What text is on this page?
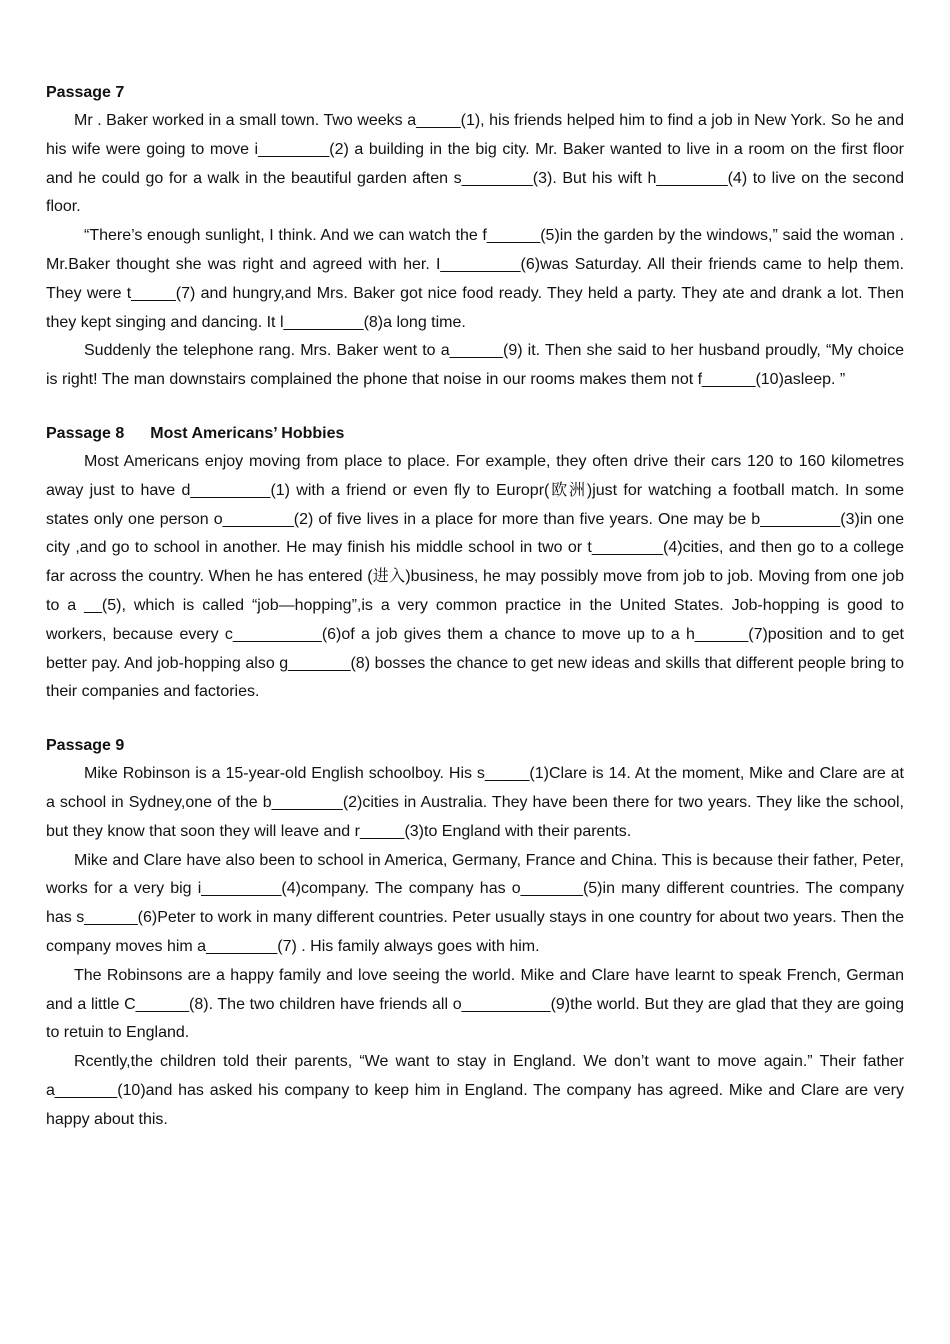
Passage 7

Mr . Baker worked in a small town. Two weeks a_____(1), his friends helped him to find a job in New York. So he and his wife were going to move i________(2) a building in the big city. Mr. Baker wanted to live in a room on the first floor and he could go for a walk in the beautiful garden aften s________(3). But his wift h________(4) to live on the second floor.

“There’s enough sunlight, I think. And we can watch the f______(5)in the garden by the windows,” said the woman . Mr.Baker thought she was right and agreed with her. I_________(6)was Saturday. All their friends came to help them. They were t_____(7) and hungry,and Mrs. Baker got nice food ready. They held a party. They ate and drank a lot. Then they kept singing and dancing. It l_________(8)a long time.

Suddenly the telephone rang. Mrs. Baker went to a______(9) it. Then she said to her husband proudly, “My choice is right! The man downstairs complained the phone that noise in our rooms makes them not f______(10)asleep. ”

Passage 8 Most Americans’ Hobbies

Most Americans enjoy moving from place to place. For example, they often drive their cars 120 to 160 kilometres away just to have d_________(1) with a friend or even fly to Europr(欧洲)just for watching a football match. In some states only one person o________(2) of five lives in a place for more than five years. One may be b_________(3)in one city ,and go to school in another. He may finish his middle school in two or t________(4)cities, and then go to a college far across the country. When he has entered (进入)business, he may possibly move from job to job. Moving from one job to a __(5), which is called “job—hopping”,is a very common practice in the United States. Job-hopping is good to workers, because every c__________(6)of a job gives them a chance to move up to a h______(7)position and to get better pay. And job-hopping also g_______(8) bosses the chance to get new ideas and skills that different people bring to their companies and factories.

Passage 9

Mike Robinson is a 15-year-old English schoolboy. His s_____(1)Clare is 14. At the moment, Mike and Clare are at a school in Sydney,one of the b________(2)cities in Australia. They have been there for two years. They like the school, but they know that soon they will leave and r_____(3)to England with their parents.

Mike and Clare have also been to school in America, Germany, France and China. This is because their father, Peter, works for a very big i_________(4)company. The company has o_______(5)in many different countries. The company has s______(6)Peter to work in many different countries. Peter usually stays in one country for about two years. Then the company moves him a________(7) . His family always goes with him.

The Robinsons are a happy family and love seeing the world. Mike and Clare have learnt to speak French, German and a little C______(8). The two children have friends all o__________(9)the world. But they are glad that they are going to retuin to England.

Rcently,the children told their parents, “We want to stay in England. We don’t want to move again.” Their father a_______(10)and has asked his company to keep him in England. The company has agreed. Mike and Clare are very happy about this.
